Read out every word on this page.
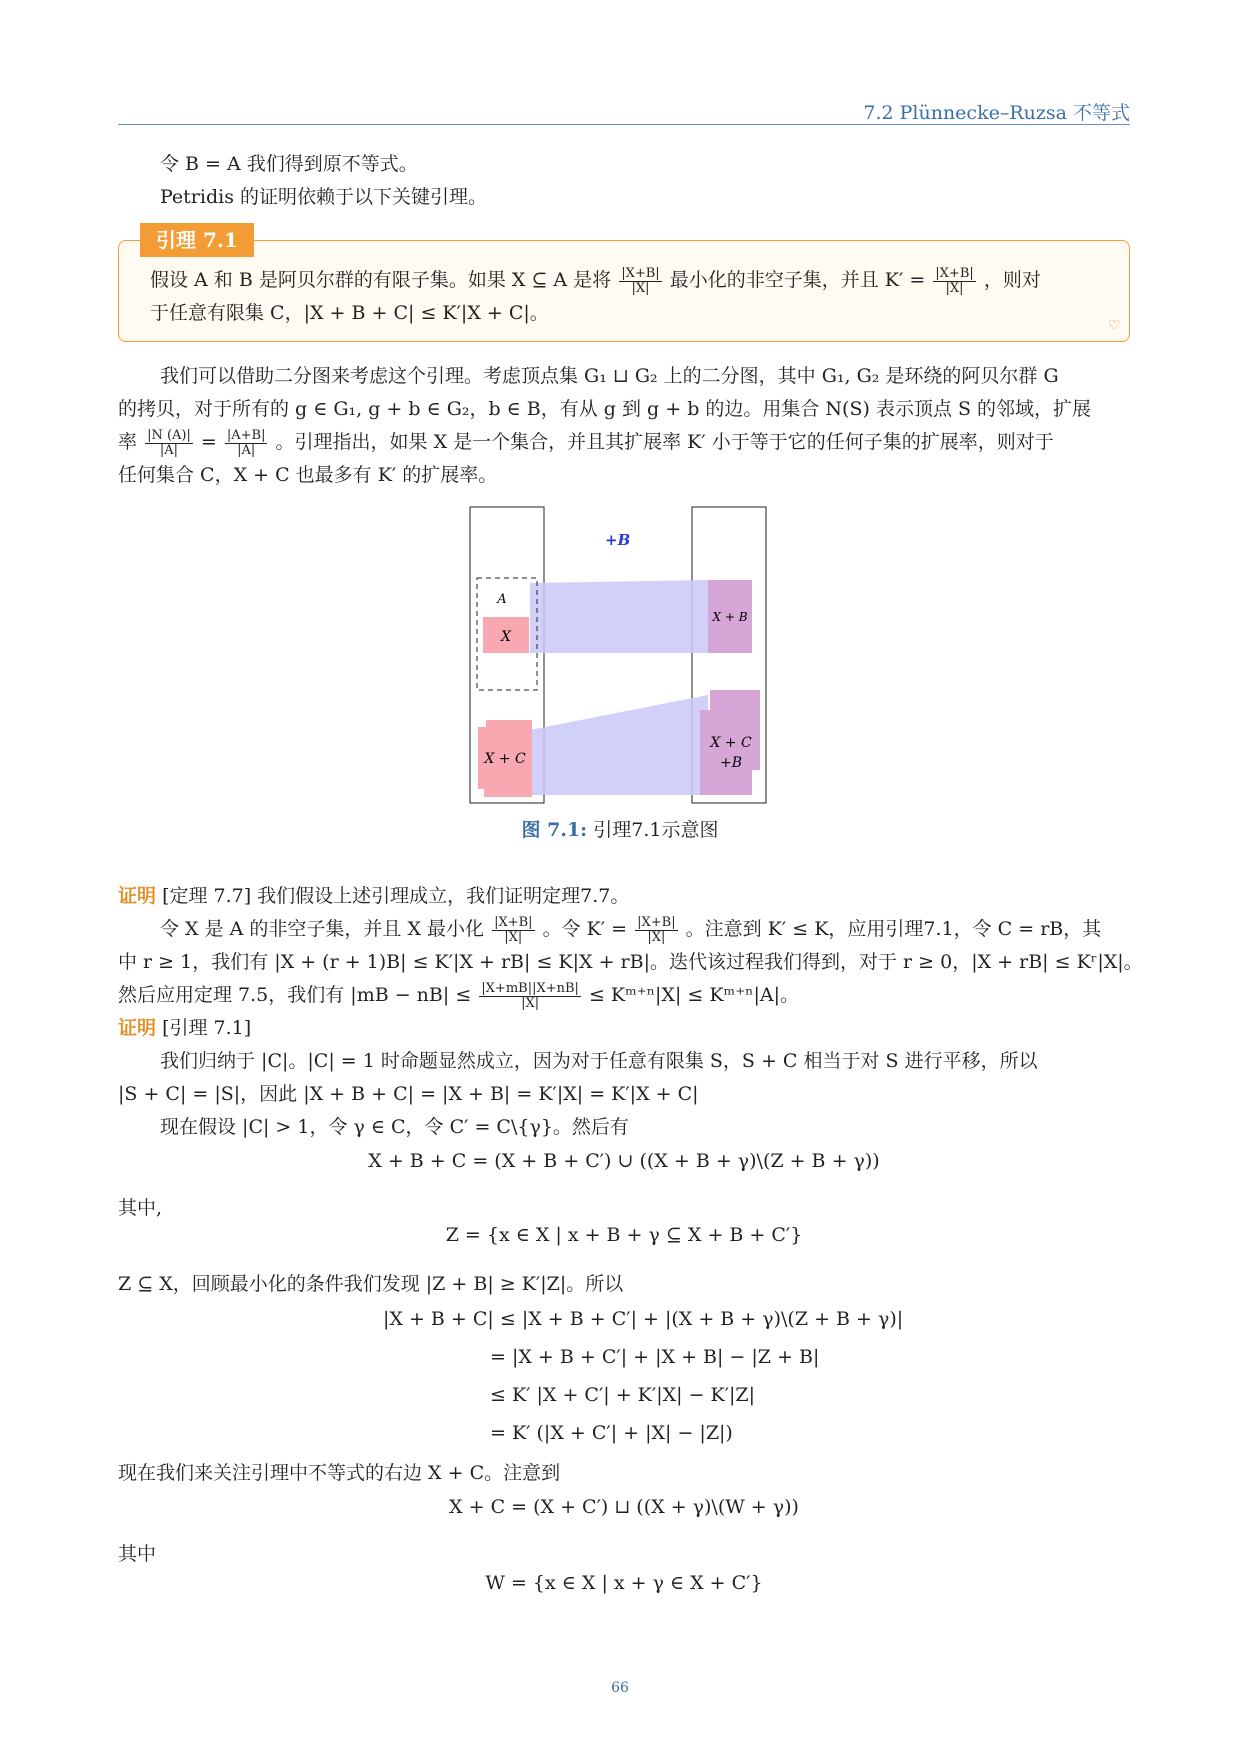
7.2 Plünnecke–Ruzsa 不等式
令 B = A 我们得到原不等式。
Petridis 的证明依赖于以下关键引理。
引理 7.1
假设 A 和 B 是阿贝尔群的有限子集。如果 X ⊆ A 是将 $\frac{|X+B|}{|X|}$ 最小化的非空子集，并且 $K' = \frac{|X+B|}{|X|}$ ，则对
于任意有限集 C，|X + B + C| ≤ K′|X + C|。
♡
我们可以借助二分图来考虑这个引理。考虑顶点集 G₁ ⊔ G₂ 上的二分图，其中 G₁, G₂ 是环绕的阿贝尔群 G
的拷贝，对于所有的 g ∈ G₁, g + b ∈ G₂，b ∈ B，有从 g 到 g + b 的边。用集合 N(S) 表示顶点 S 的邻域，扩展
率 $\frac{|N (A)|}{|A|} = \frac{|A+B|}{|A|}$ 。引理指出，如果 X 是一个集合，并且其扩展率 K′ 小于等于它的任何子集的扩展率，则对于
任何集合 C，X + C 也最多有 K′ 的扩展率。
+B
A
X
X + B
X + C
X + C
+B
图 7.1: 引理7.1示意图
证明 [定理 7.7] 我们假设上述引理成立，我们证明定理7.7。
令 X 是 A 的非空子集，并且 X 最小化 $\frac{|X+B|}{|X|}$ 。令 $K' = \frac{|X+B|}{|X|}$ 。注意到 K′ ≤ K，应用引理7.1，令 C = rB，其
中 r ≥ 1，我们有 |X + (r + 1)B| ≤ K′|X + rB| ≤ K|X + rB|。迭代该过程我们得到，对于 r ≥ 0，|X + rB| ≤ Kʳ|X|。
然后应用定理 7.5，我们有 $|mB - nB| \le \frac{|X+mB||X+nB|}{|X|}$ ≤ Kᵐ⁺ⁿ|X| ≤ Kᵐ⁺ⁿ|A|。
证明 [引理 7.1]
我们归纳于 |C|。|C| = 1 时命题显然成立，因为对于任意有限集 S，S + C 相当于对 S 进行平移，所以
|S + C| = |S|，因此 |X + B + C| = |X + B| = K′|X| = K′|X + C|
现在假设 |C| > 1，令 γ ∈ C，令 C′ = C\{γ}。然后有
X + B + C = (X + B + C′) ∪ ((X + B + γ)\(Z + B + γ))
其中,
Z = {x ∈ X | x + B + γ ⊆ X + B + C′}
Z ⊆ X，回顾最小化的条件我们发现 |Z + B| ≥ K′|Z|。所以
|X + B + C| ≤ |X + B + C′| + |(X + B + γ)\(Z + B + γ)|
= |X + B + C′| + |X + B| − |Z + B|
≤ K′ |X + C′| + K′|X| − K′|Z|
= K′ (|X + C′| + |X| − |Z|)
现在我们来关注引理中不等式的右边 X + C。注意到
X + C = (X + C′) ⊔ ((X + γ)\(W + γ))
其中
W = {x ∈ X | x + γ ∈ X + C′}
66
